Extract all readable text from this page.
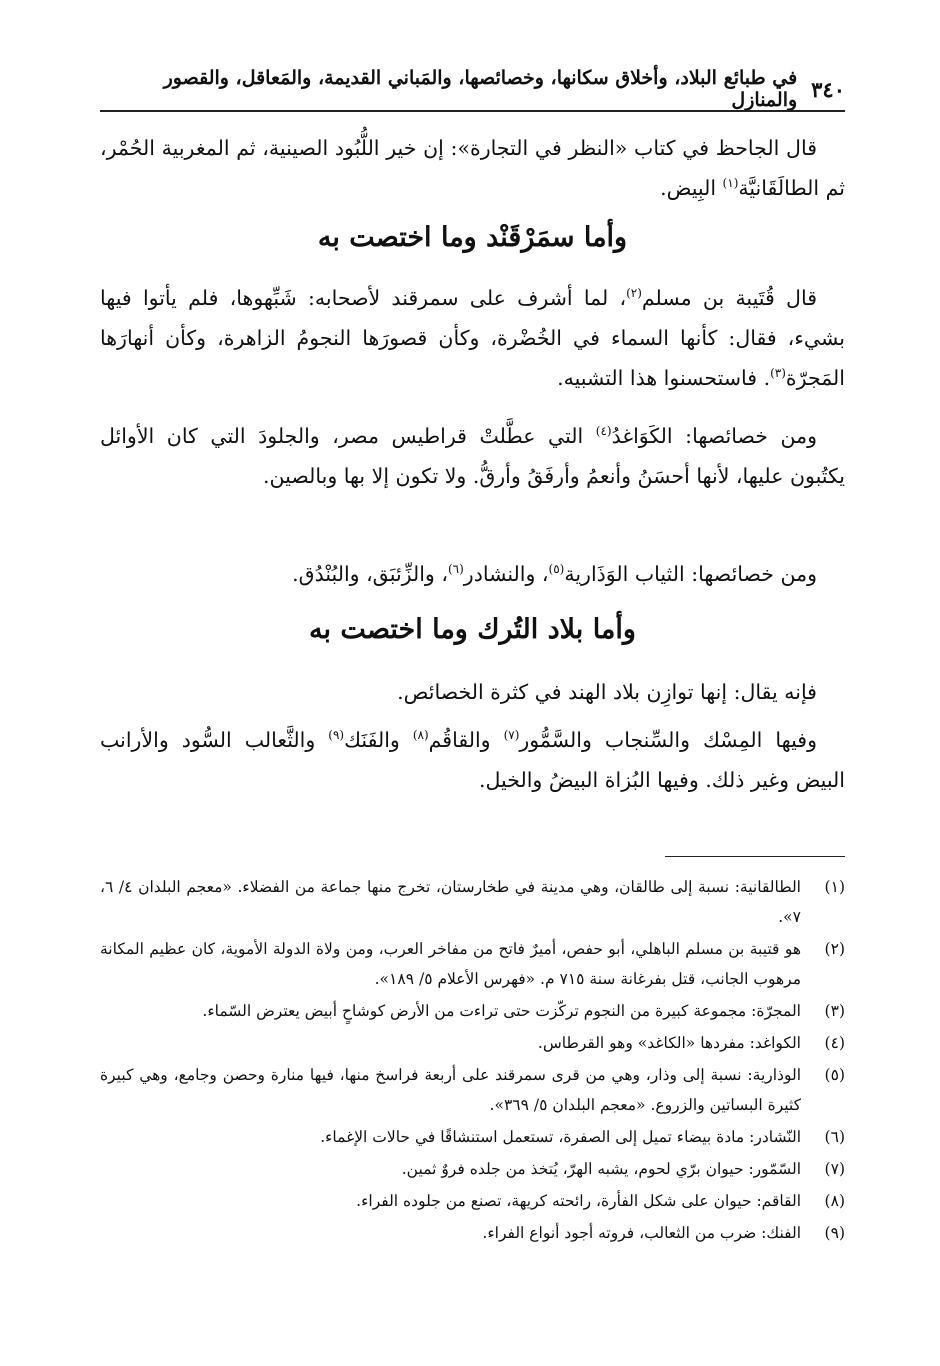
٣٤٠
في طبائع البلاد، وأخلاق سكانها، وخصائصها، والمَباني القديمة، والمَعاقل، والقصور والمنازل

قال الجاحظ في كتاب «النظر في التجارة»: إن خير اللُّبُود الصينية، ثم المغربية الحُمْر، ثم الطالَقَانيَّة$^{(١)}$ البِيض.

وأما سمَرْقَنْد وما اختصت به

قال قُتَيبة بن مسلم$^{(٢)}$، لما أشرف على سمرقند لأصحابه: شَبِّهوها، فلم يأتوا فيها بشيء، فقال: كأنها السماء في الخُضْرة، وكأن قصورَها النجومُ الزاهرة، وكأن أنهارَها المَجرّة$^{(٣)}$. فاستحسنوا هذا التشبيه.

ومن خصائصها: الكَوَاغدُ$^{(٤)}$ التي عطَّلتْ قراطيس مصر، والجلودَ التي كان الأوائل يكتُبون عليها، لأنها أحسَنُ وأنعمُ وأرفَقُ وأرقُّ. ولا تكون إلا بها وبالصين.

ومن خصائصها: الثياب الوَذَارية$^{(٥)}$، والنشادر$^{(٦)}$، والزِّئبَق، والبُنْدُق.

وأما بلاد التُرك وما اختصت به

فإنه يقال: إنها توازِن بلاد الهند في كثرة الخصائص.

وفيها المِسْك والسِّنجاب والسَّمُّور$^{(٧)}$ والقاقُم$^{(٨)}$ والفَنَك$^{(٩)}$ والثَّعالب السُّود والأرانب البيض وغير ذلك. وفيها البُزاة البيضُ والخيل.

(١)
الطالقانية: نسبة إلى طالقان، وهي مدينة في طخارستان، تخرج منها جماعة من الفضلاء. «معجم البلدان ٤/ ٦، ٧».
(٢)
هو قتيبة بن مسلم الباهلي، أبو حفص، أميرٌ فاتح من مفاخر العرب، ومن ولاة الدولة الأموية، كان عظيم المكانة مرهوب الجانب، قتل بفرغانة سنة ٧١٥ م. «فهرس الأعلام ٥/ ١٨٩».
(٣)
المجرّة: مجموعة كبيرة من النجوم تركّزت حتى تراءت من الأرض كوشاحٍ أبيض يعترض السّماء.
(٤)
الكواغد: مفردها «الكاغد» وهو القرطاس.
(٥)
الوذارية: نسبة إلى وذار، وهي من قرى سمرقند على أربعة فراسخ منها، فيها منارة وحصن وجامع، وهي كبيرة كثيرة البساتين والزروع. «معجم البلدان ٥/ ٣٦٩».
(٦)
النّشادر: مادة بيضاء تميل إلى الصفرة، تستعمل استنشاقًا في حالات الإغماء.
(٧)
السّمّور: حيوان برّي لحوم، يشبه الهرّ، يُتخذ من جلده فروٌ ثمين.
(٨)
القاقم: حيوان على شكل الفأرة، رائحته كريهة، تصنع من جلوده الفراء.
(٩)
الفنك: ضرب من الثعالب، فروته أجود أنواع الفراء.
